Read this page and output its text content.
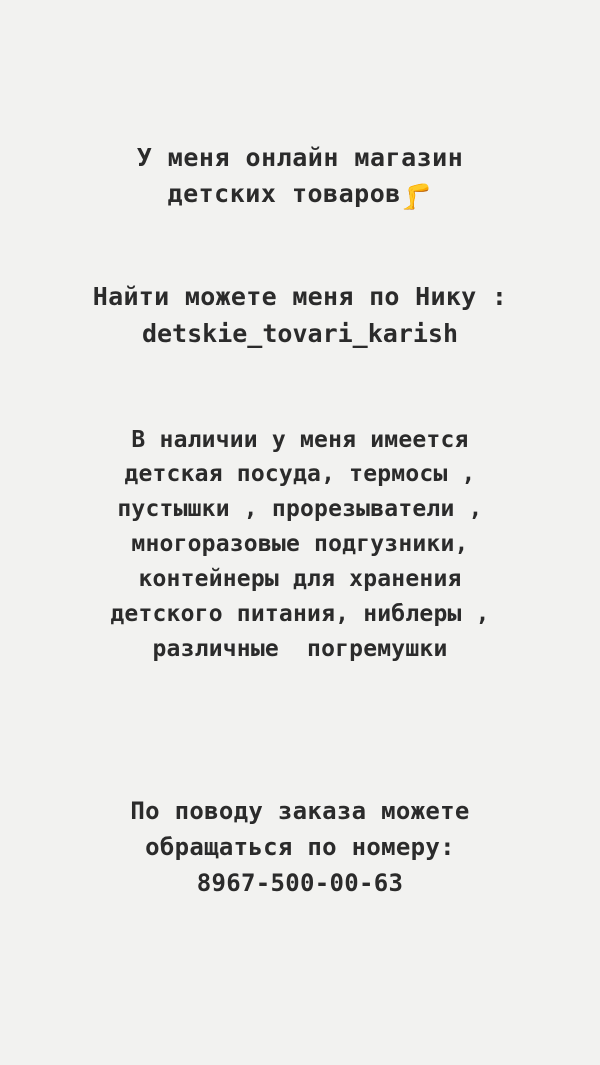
У меня онлайн магазин
детских товаров🦵
Найти можете меня по Нику :
detskie_tovari_karish
В наличии у меня имеется
детская посуда, термосы ,
пустышки , прорезыватели ,
многоразовые подгузники,
контейнеры для хранения
детского питания, ниблеры ,
различные  погремушки
По поводу заказа можете
обращаться по номеру:
8967-500-00-63
